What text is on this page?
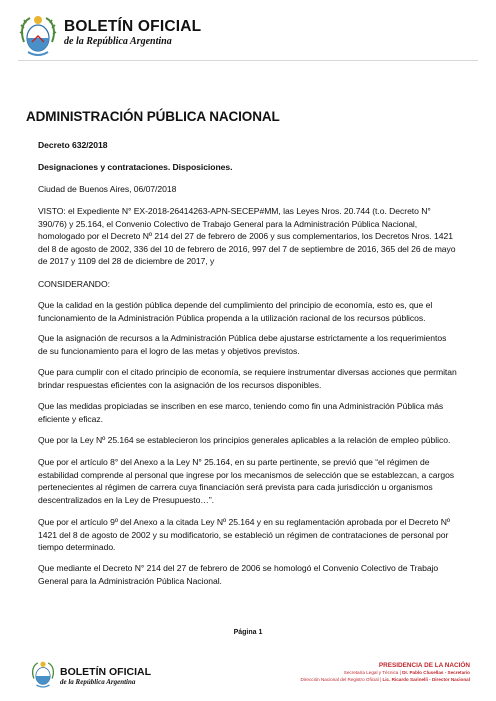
BOLETÍN OFICIAL
de la República Argentina
ADMINISTRACIÓN PÚBLICA NACIONAL
Decreto 632/2018
Designaciones y contrataciones. Disposiciones.
Ciudad de Buenos Aires, 06/07/2018
VISTO: el Expediente N° EX-2018-26414263-APN-SECEP#MM, las Leyes Nros. 20.744 (t.o. Decreto N° 390/76) y 25.164, el Convenio Colectivo de Trabajo General para la Administración Pública Nacional, homologado por el Decreto Nº 214 del 27 de febrero de 2006 y sus complementarios, los Decretos Nros. 1421 del 8 de agosto de 2002, 336 del 10 de febrero de 2016, 997 del 7 de septiembre de 2016, 365 del 26 de mayo de 2017 y 1109 del 28 de diciembre de 2017, y
CONSIDERANDO:
Que la calidad en la gestión pública depende del cumplimiento del principio de economía, esto es, que el funcionamiento de la Administración Pública propenda a la utilización racional de los recursos públicos.
Que la asignación de recursos a la Administración Pública debe ajustarse estrictamente a los requerimientos de su funcionamiento para el logro de las metas y objetivos previstos.
Que para cumplir con el citado principio de economía, se requiere instrumentar diversas acciones que permitan brindar respuestas eficientes con la asignación de los recursos disponibles.
Que las medidas propiciadas se inscriben en ese marco, teniendo como fin una Administración Pública más eficiente y eficaz.
Que por la Ley Nº 25.164 se establecieron los principios generales aplicables a la relación de empleo público.
Que por el artículo 8° del Anexo a la Ley N° 25.164, en su parte pertinente, se previó que “el régimen de estabilidad comprende al personal que ingrese por los mecanismos de selección que se establezcan, a cargos pertenecientes al régimen de carrera cuya financiación será prevista para cada jurisdicción u organismos descentralizados en la Ley de Presupuesto…”.
Que por el artículo 9º del Anexo a la citada Ley Nº 25.164 y en su reglamentación aprobada por el Decreto Nº 1421 del 8 de agosto de 2002 y su modificatorio, se estableció un régimen de contrataciones de personal por tiempo determinado.
Que mediante el Decreto N° 214 del 27 de febrero de 2006 se homologó el Convenio Colectivo de Trabajo General para la Administración Pública Nacional.
Página 1
BOLETÍN OFICIAL
de la República Argentina
PRESIDENCIA DE LA NACIÓN
Secretaría Legal y Técnica | Dr. Pablo Clusellas - Secretario
Dirección Nacional del Registro Oficial | Lic. Ricardo Sarinelli - Director Nacional
